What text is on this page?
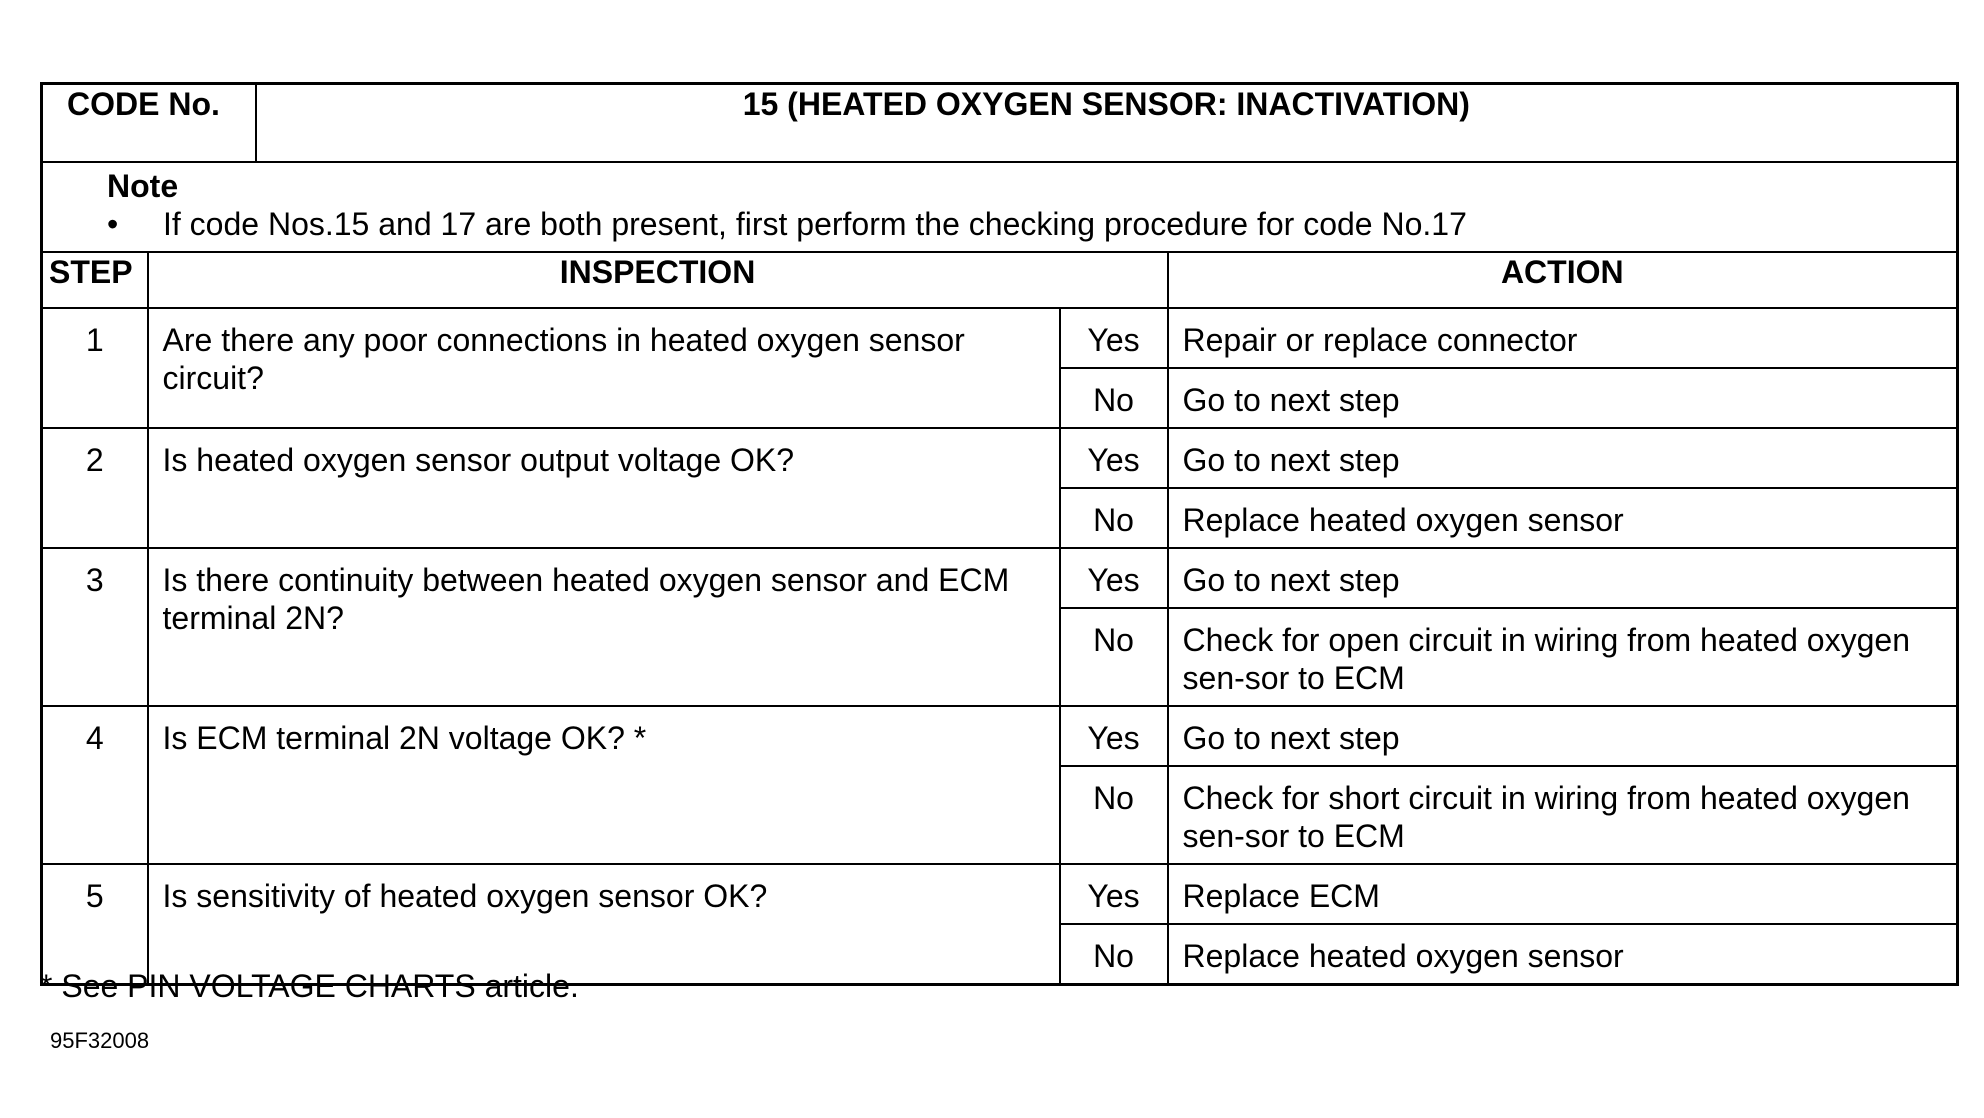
CODE No.		15 (HEATED OXYGEN SENSOR: INACTIVATION)		

Note
• If code Nos.15 and 17 are both present, first perform the checking procedure for code No.17				

STEP	INSPECTION			ACTION
1	Are there any poor connections in heated oxygen sensor circuit?		Yes	Repair or replace connector
			No	Go to next step
2	Is heated oxygen sensor output voltage OK?		Yes	Go to next step
			No	Replace heated oxygen sensor
3	Is there continuity between heated oxygen sensor and ECM terminal 2N?		Yes	Go to next step
			No	Check for open circuit in wiring from heated oxygen sen-sor to ECM
4	Is ECM terminal 2N voltage OK? *		Yes	Go to next step
			No	Check for short circuit in wiring from heated oxygen sen-sor to ECM
5	Is sensitivity of heated oxygen sensor OK?		Yes	Replace ECM
			No	Replace heated oxygen sensor
* See PIN VOLTAGE CHARTS article.
95F32008
